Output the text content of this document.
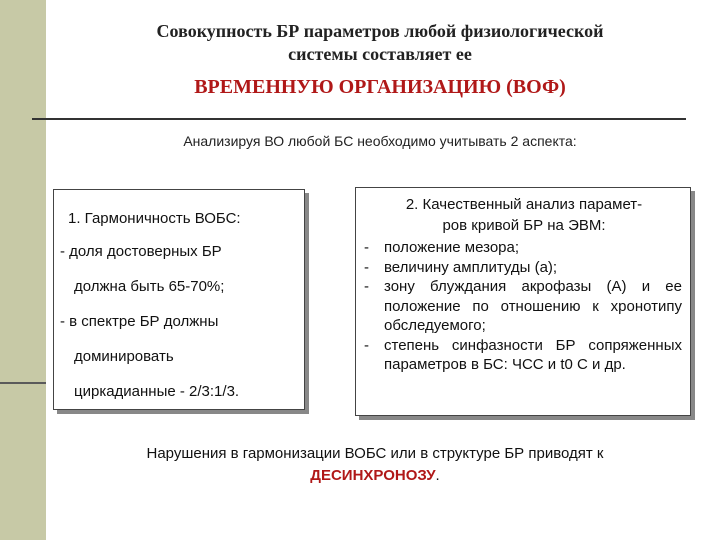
Совокупность БР параметров любой физиологической
системы составляет ее
ВРЕМЕННУЮ ОРГАНИЗАЦИЮ (ВОФ)
Анализируя ВО любой БС необходимо учитывать 2 аспекта:
1. Гармоничность ВОБС:
- доля достоверных БР
должна быть 65-70%;
- в спектре БР должны
доминировать
циркадианные - 2/3:1/3.
2. Качественный анализ парамет-
ров кривой БР на ЭВМ:
- положение мезора;
- величину амплитуды (а);
- зону блуждания акрофазы (А) и ее положение по отношению к хронотипу обследуемого;
- степень синфазности БР сопряженных параметров в БС: ЧСС и t0 С и др.
Нарушения в гармонизации ВОБС или в структуре БР приводят к
ДЕСИНХРОНОЗУ.
